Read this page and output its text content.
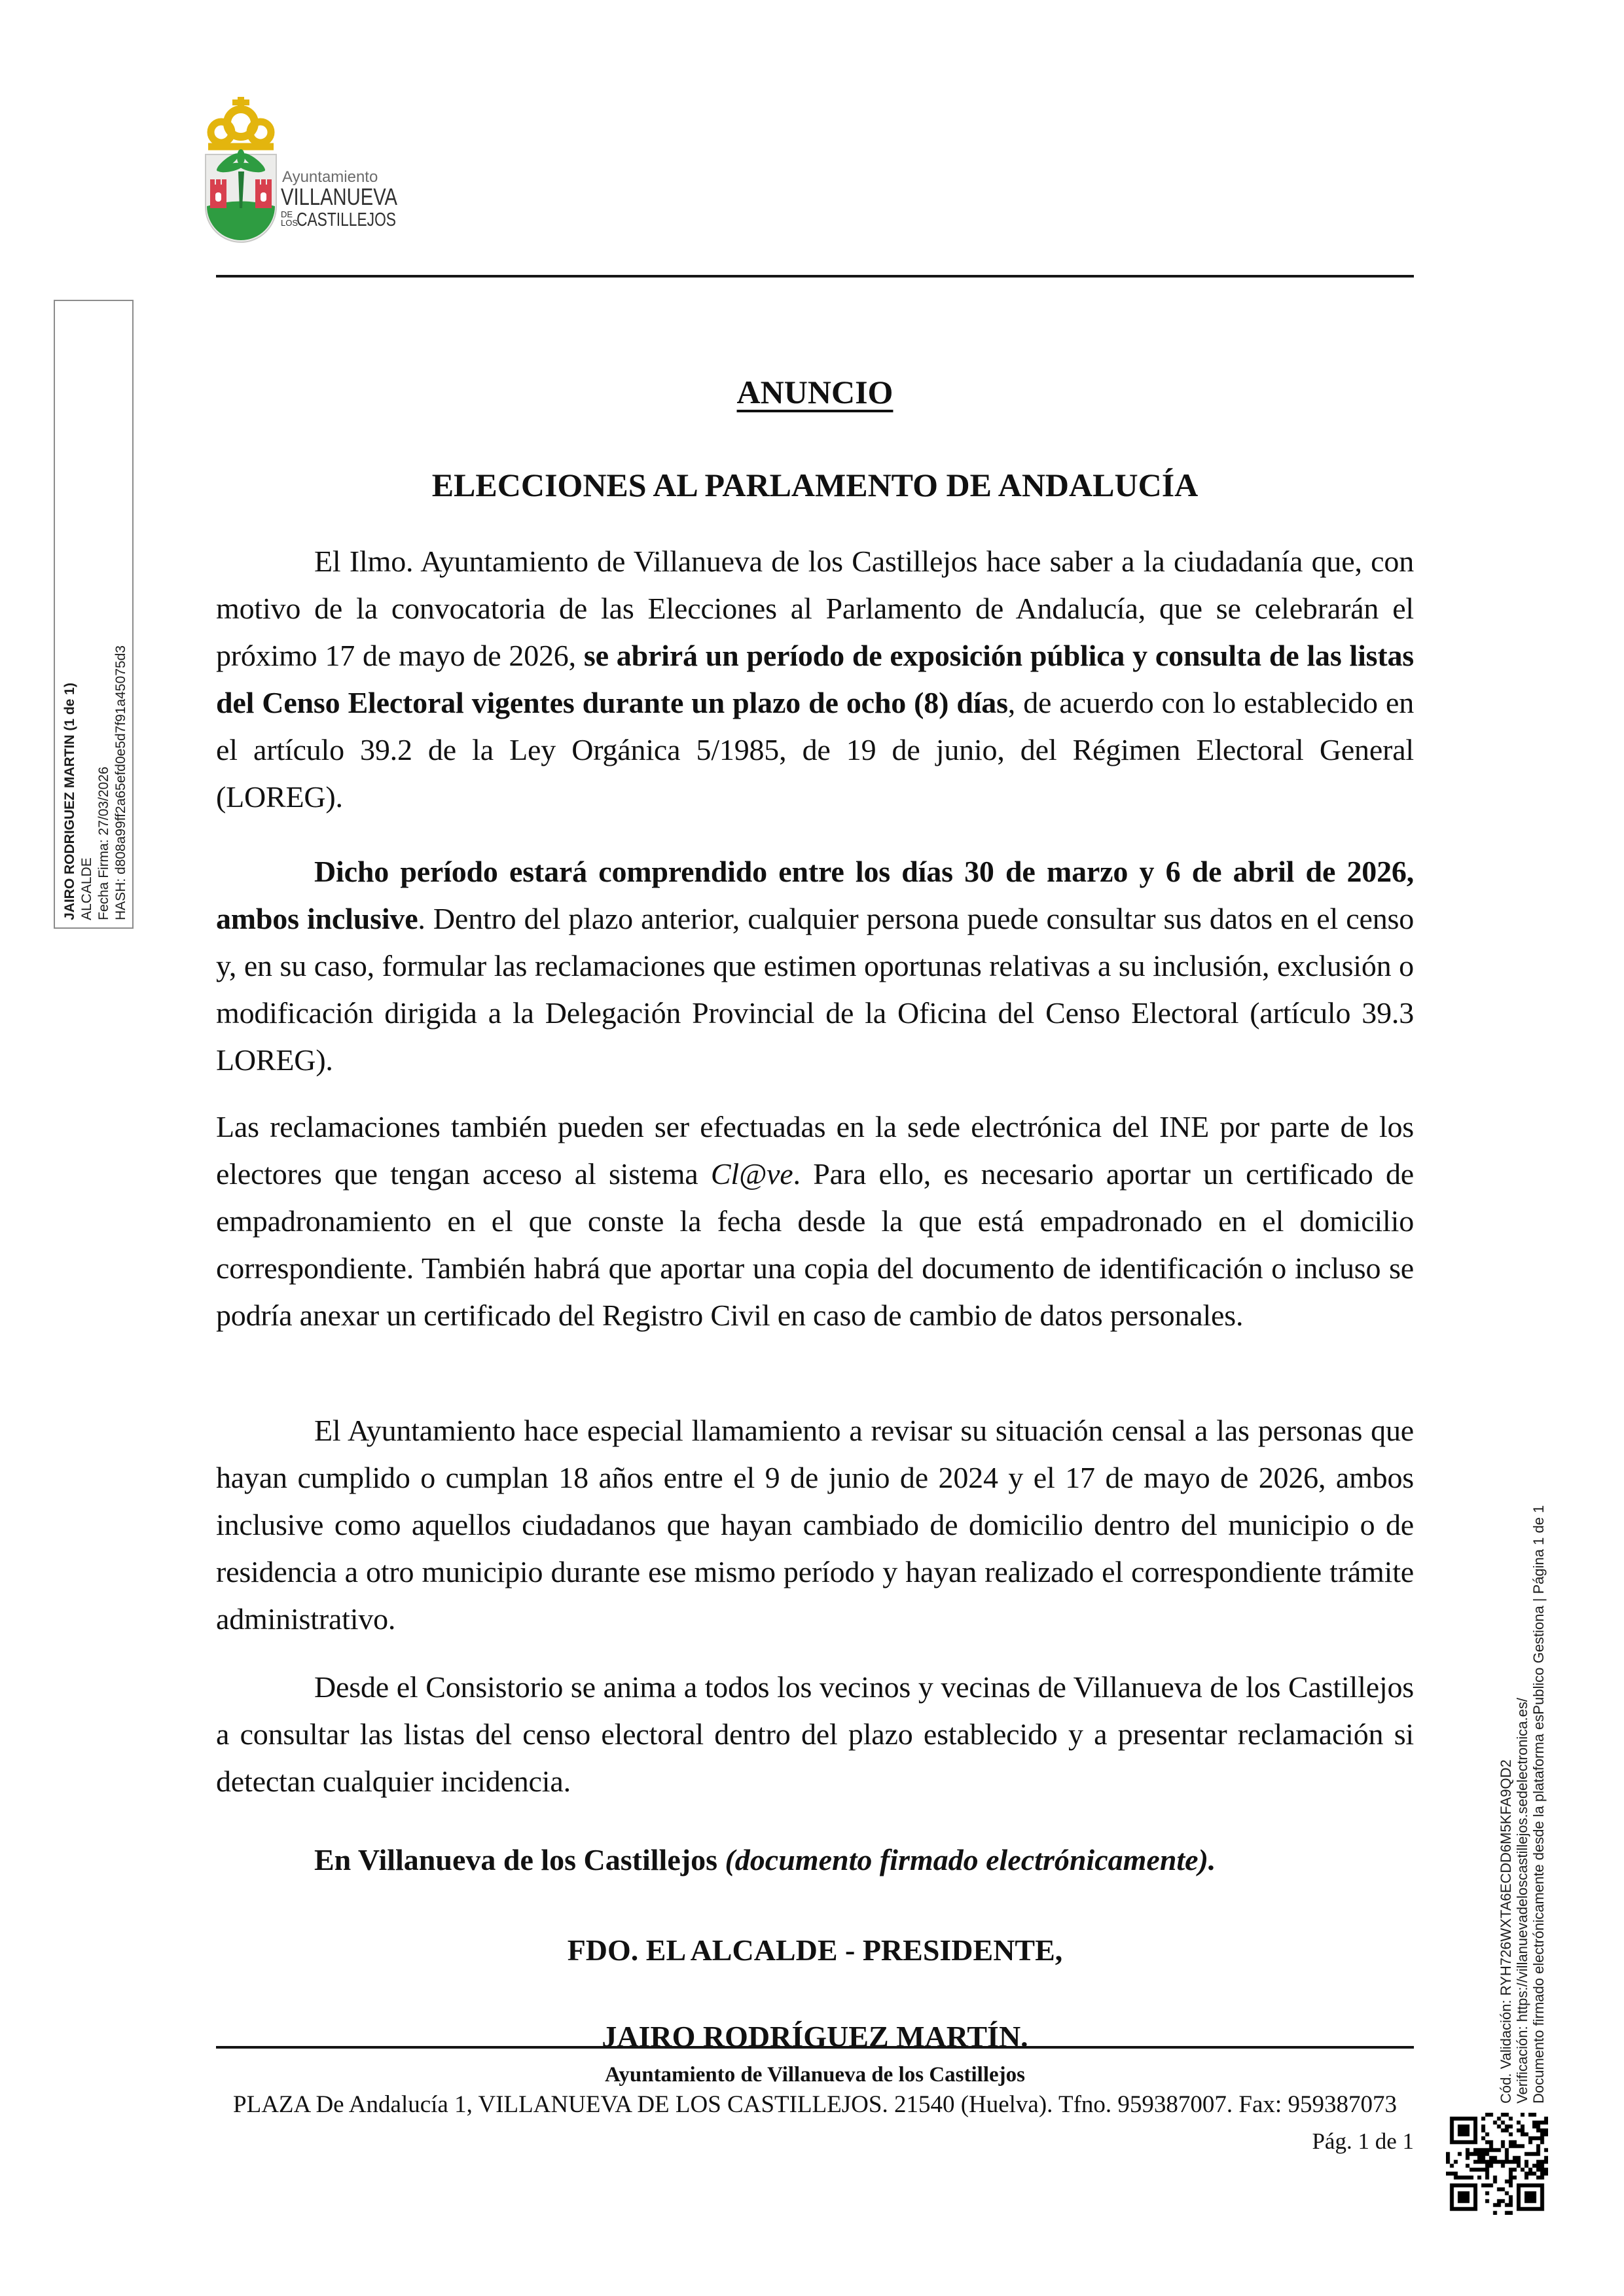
Ayuntamiento
VILLANUEVA
DE
LOS
CASTILLEJOS
JAIRO RODRIGUEZ MARTIN (1 de 1) ALCALDE Fecha Firma: 27/03/2026 HASH: d808a99ff2a65efd0e5d7f91a45075d3
ANUNCIO
ELECCIONES AL PARLAMENTO DE ANDALUCÍA

El Ilmo. Ayuntamiento de Villanueva de los Castillejos hace saber a la ciudadanía que, con motivo de la convocatoria de las Elecciones al Parlamento de Andalucía, que se celebrarán el próximo 17 de mayo de 2026, se abrirá un período de exposición pública y consulta de las listas del Censo Electoral vigentes durante un plazo de ocho (8) días, de acuerdo con lo establecido en el artículo 39.2 de la Ley Orgánica 5/1985, de 19 de junio, del Régimen Electoral General (LOREG).

Dicho período estará comprendido entre los días 30 de marzo y 6 de abril de 2026, ambos inclusive. Dentro del plazo anterior, cualquier persona puede consultar sus datos en el censo y, en su caso, formular las reclamaciones que estimen oportunas relativas a su inclusión, exclusión o modificación dirigida a la Delegación Provincial de la Oficina del Censo Electoral (artículo 39.3 LOREG).

Las reclamaciones también pueden ser efectuadas en la sede electrónica del INE por parte de los electores que tengan acceso al sistema Cl@ve. Para ello, es necesario aportar un certificado de empadronamiento en el que conste la fecha desde la que está empadronado en el domicilio correspondiente. También habrá que aportar una copia del documento de identificación o incluso se podría anexar un certificado del Registro Civil en caso de cambio de datos personales.

El Ayuntamiento hace especial llamamiento a revisar su situación censal a las personas que hayan cumplido o cumplan 18 años entre el 9 de junio de 2024 y el 17 de mayo de 2026, ambos inclusive como aquellos ciudadanos que hayan cambiado de domicilio dentro del municipio o de residencia a otro municipio durante ese mismo período y hayan realizado el correspondiente trámite administrativo.

Desde el Consistorio se anima a todos los vecinos y vecinas de Villanueva de los Castillejos a consultar las listas del censo electoral dentro del plazo establecido y a presentar reclamación si detectan cualquier incidencia.

En Villanueva de los Castillejos (documento firmado electrónicamente).

FDO. EL ALCALDE - PRESIDENTE,

JAIRO RODRÍGUEZ MARTÍN.

Ayuntamiento de Villanueva de los Castillejos

PLAZA De Andalucía 1, VILLANUEVA DE LOS CASTILLEJOS. 21540 (Huelva). Tfno. 959387007. Fax: 959387073

Pág. 1 de 1
Cód. Validación: RYH726WXTA6ECDD6M5KFA9QD2 Verificación: https://villanuevadeloscastillejos.sedelectronica.es/ Documento firmado electrónicamente desde la plataforma esPublico Gestiona | Página 1 de 1
